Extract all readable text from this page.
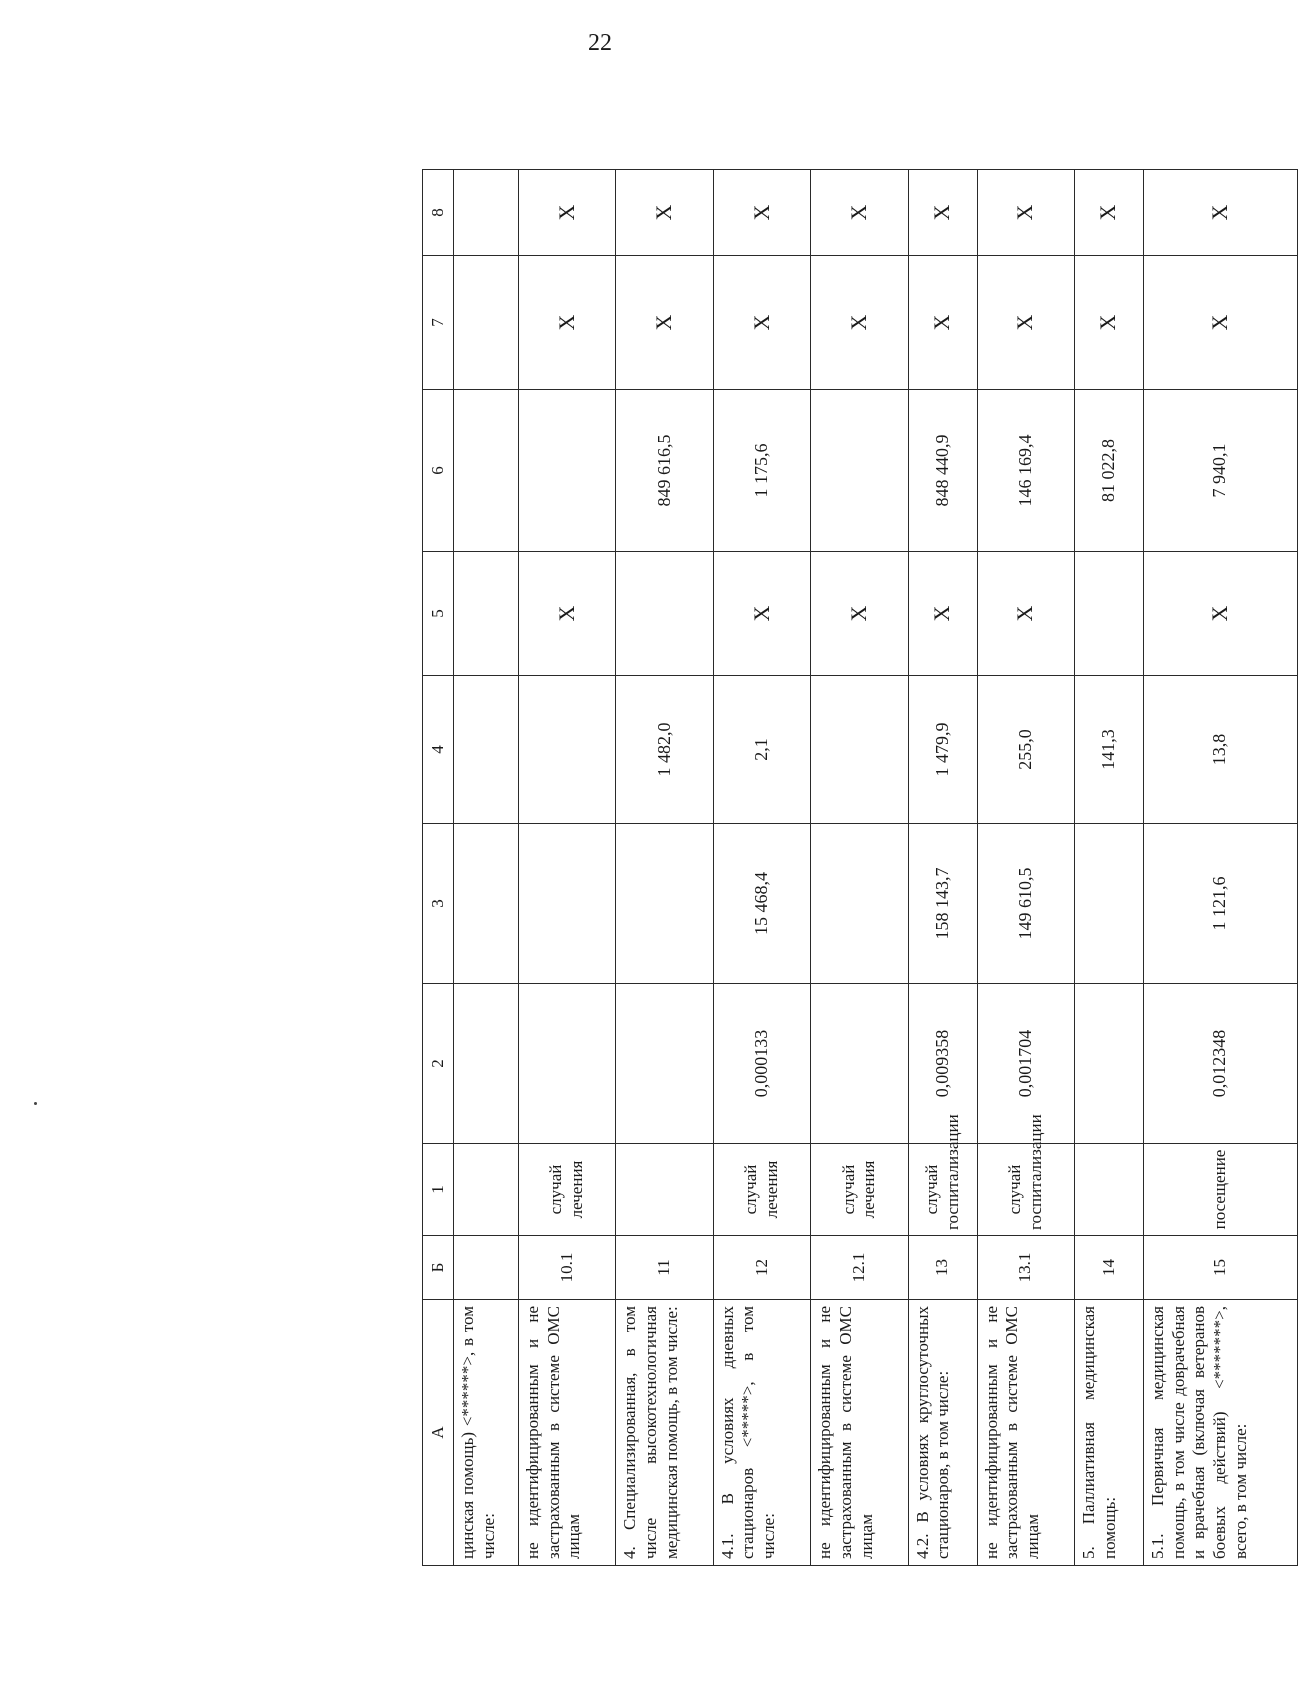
22
А	Б	1	2	3	4	5	6	7	8
цинская помощь) <******>, в том числе:									
не идентифицированным и не застрахованным в системе ОМС лицам	10.1	случай лечения				X		X	X
4. Специализированная, в том числе высокотехнологичная медицинская помощь, в том числе:	11				1 482,0		849 616,5	X	X
4.1. В условиях дневных стационаров <*****>, в том числе:	12	случай лечения	0,000133	15 468,4	2,1	X	1 175,6	X	X
не идентифицированным и не застрахованным в системе ОМС лицам	12.1	случай лечения				X		X	X
4.2. В условиях круглосуточных стационаров, в том числе:	13	случай госпитализации	0,009358	158 143,7	1 479,9	X	848 440,9	X	X
не идентифицированным и не застрахованным в системе ОМС лицам	13.1	случай госпитализации	0,001704	149 610,5	255,0	X	146 169,4	X	X
5. Паллиативная медицинская помощь:	14				141,3		81 022,8	X	X
5.1. Первичная медицинская помощь, в том числе доврачебная и врачебная (включая ветеранов боевых действий) <*******>, всего, в том числе:	15	посещение	0,012348	1 121,6	13,8	X	7 940,1	X	X
